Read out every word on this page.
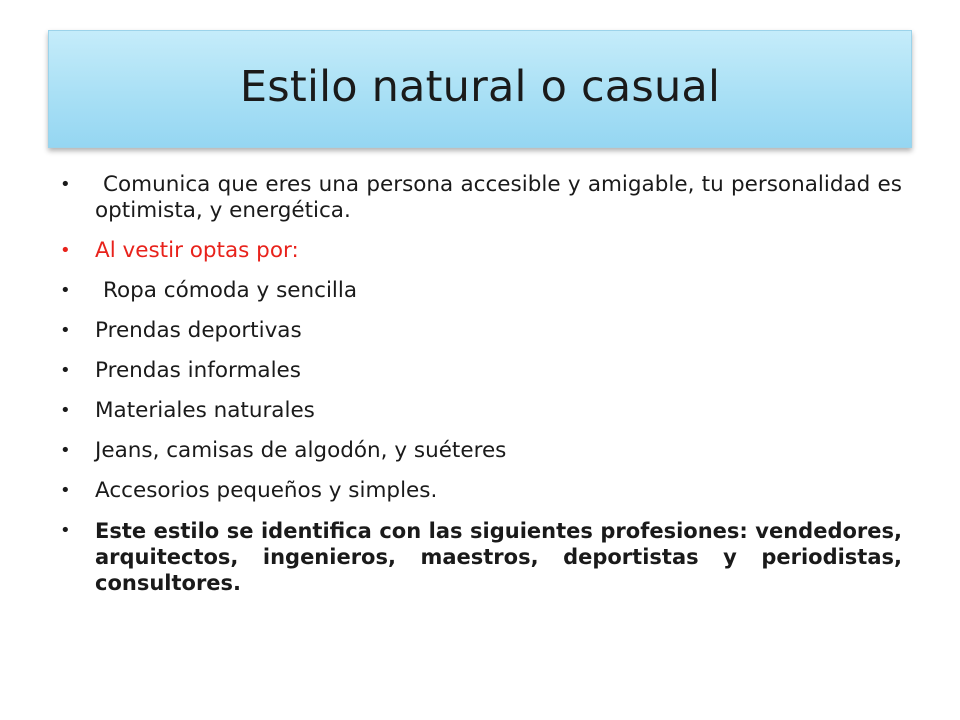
Estilo natural o casual
•	Comunica que eres una persona accesible y amigable, tu personalidad es optimista, y energética.
• Al vestir optas por:
•	Ropa cómoda y sencilla
• Prendas deportivas
• Prendas informales
• Materiales naturales
• Jeans, camisas de algodón, y suéteres
• Accesorios pequeños y simples.
• Este estilo se identifica con las siguientes profesiones: vendedores, arquitectos, ingenieros, maestros, deportistas y periodistas, consultores.
